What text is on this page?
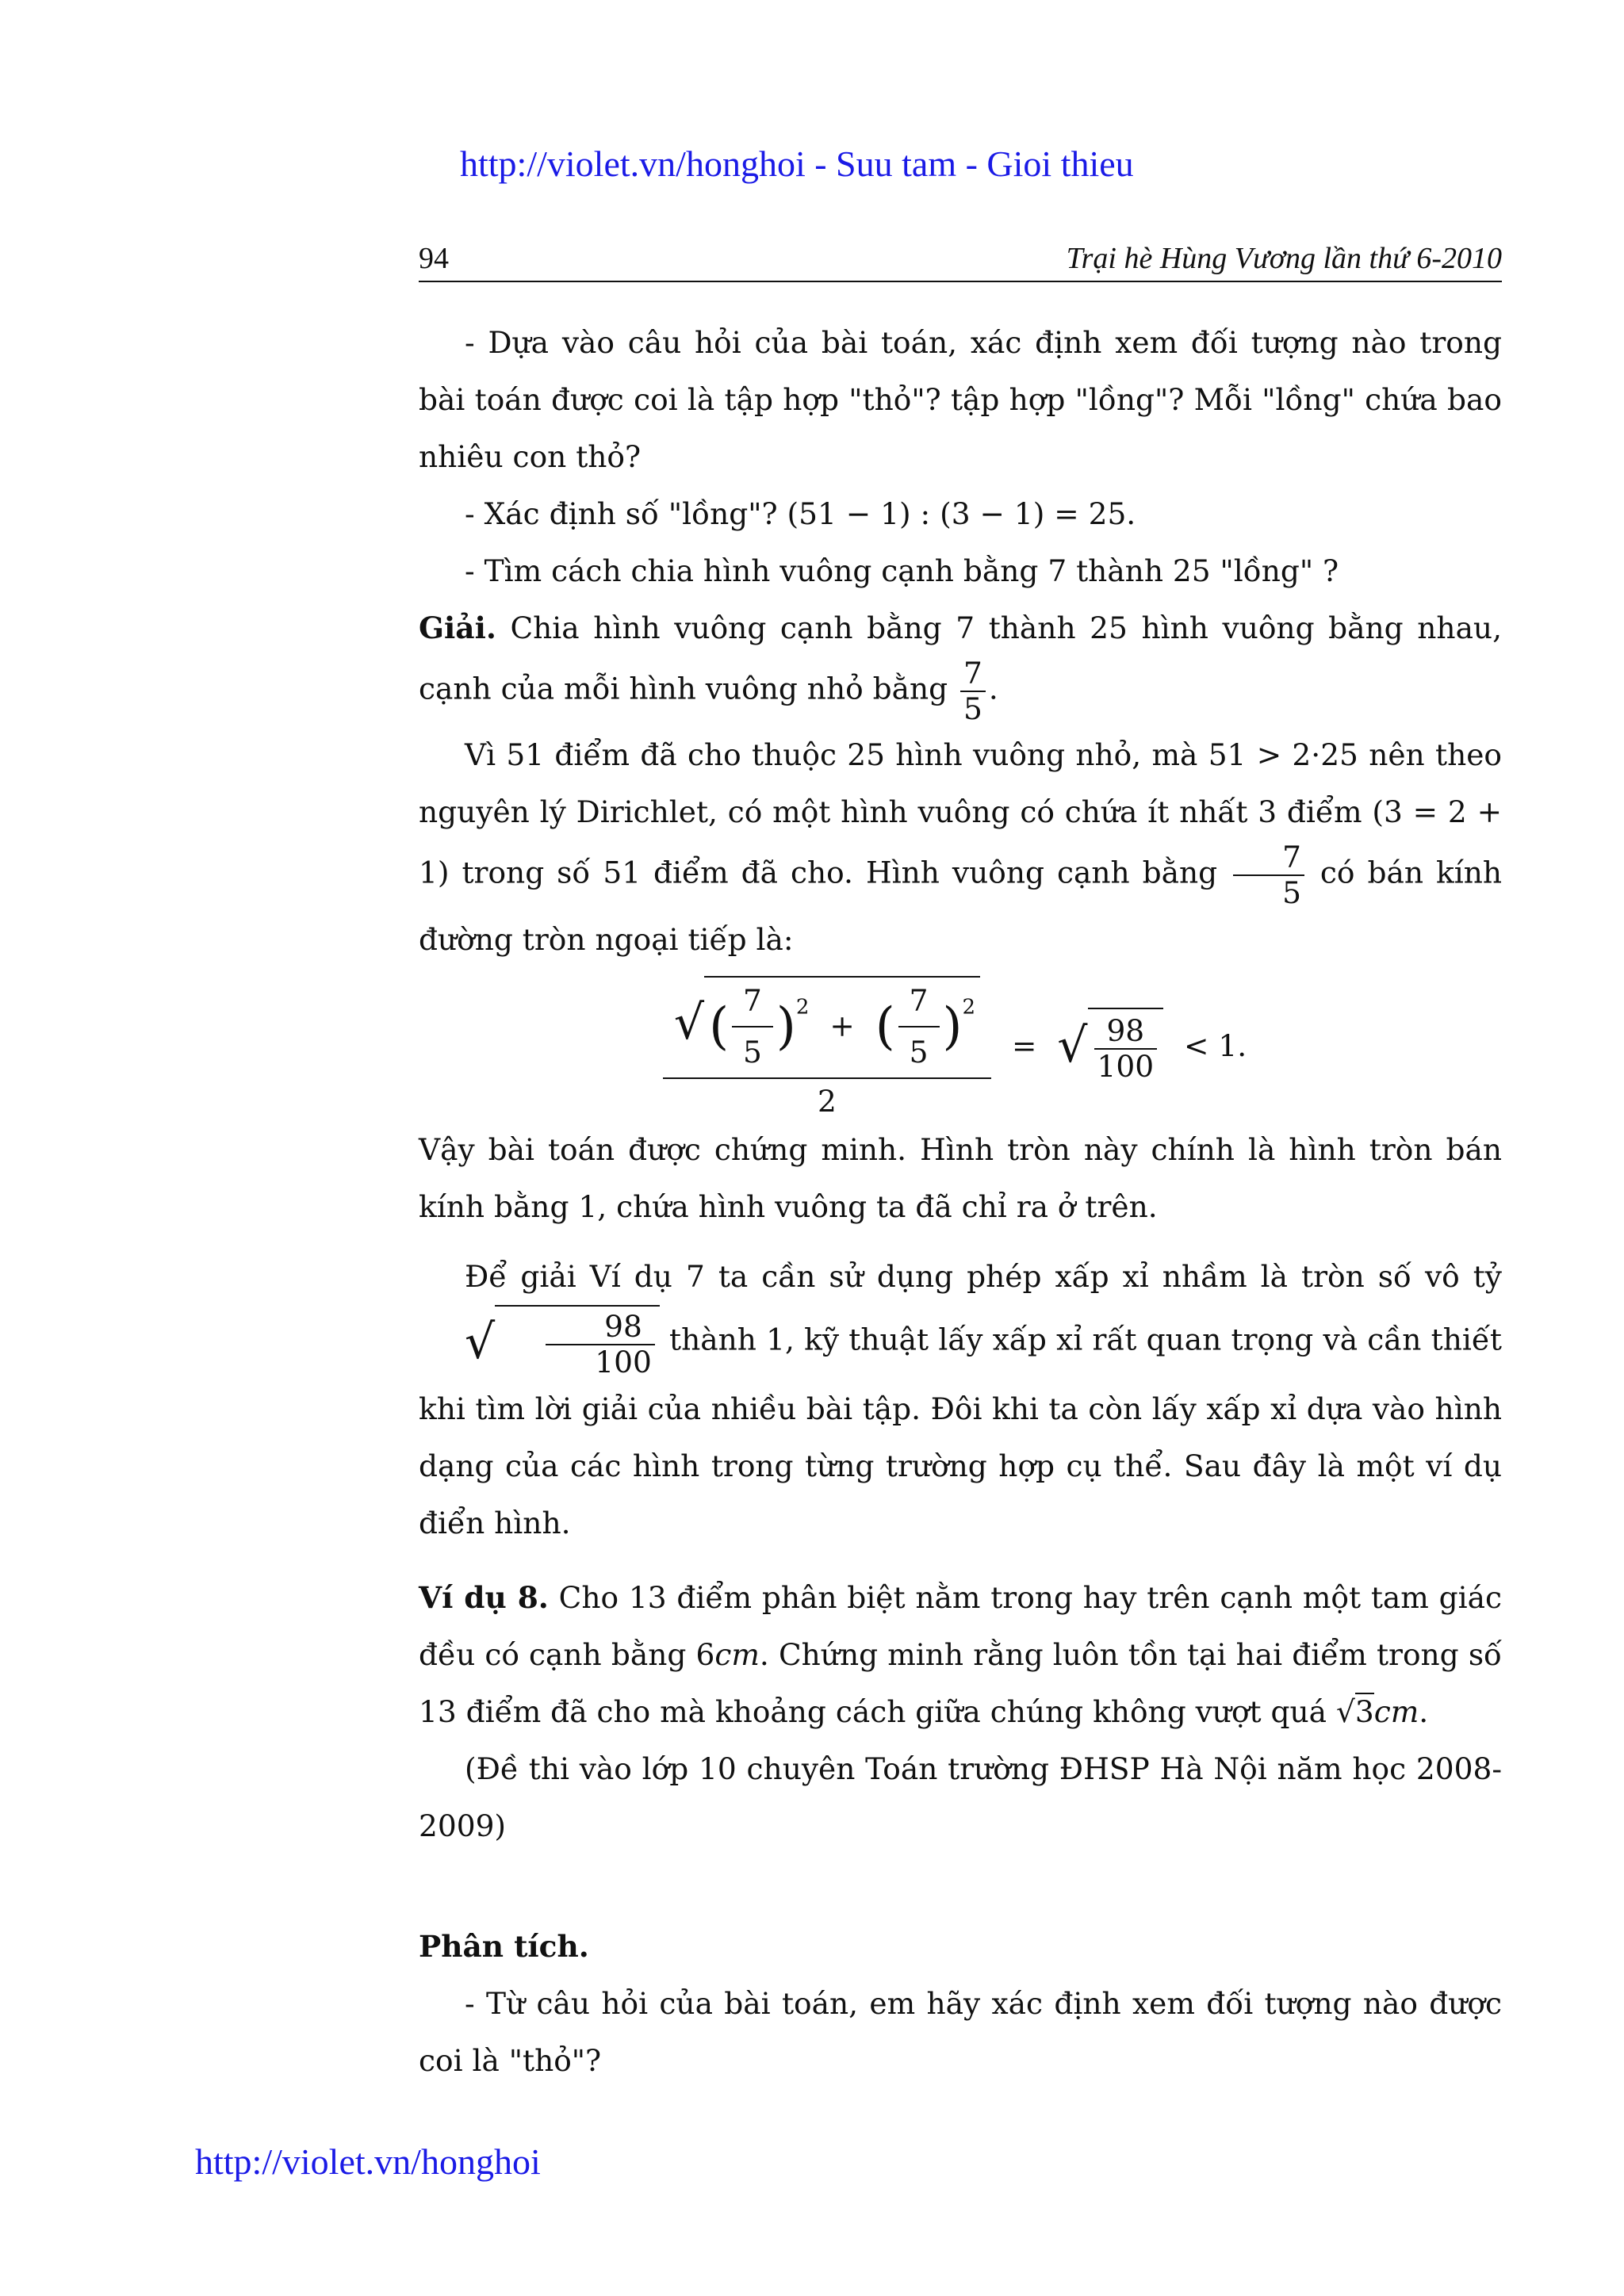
http://violet.vn/honghoi - Suu tam - Gioi thieu
94	Trại hè Hùng Vương lần thứ 6-2010

- Dựa vào câu hỏi của bài toán, xác định xem đối tượng nào trong bài toán được coi là tập hợp "thỏ"? tập hợp "lồng"? Mỗi "lồng" chứa bao nhiêu con thỏ?

- Xác định số "lồng"? (51 − 1) : (3 − 1) = 25.

- Tìm cách chia hình vuông cạnh bằng 7 thành 25 "lồng" ?

Giải. Chia hình vuông cạnh bằng 7 thành 25 hình vuông bằng nhau, cạnh của mỗi hình vuông nhỏ bằng $\frac{7}{5}$ .

Vì 51 điểm đã cho thuộc 25 hình vuông nhỏ, mà 51 > 2·25 nên theo nguyên lý Dirichlet, có một hình vuông có chứa ít nhất 3 điểm (3 = 2 + 1) trong số 51 điểm đã cho. Hình vuông cạnh bằng $\frac{7}{5}$ có bán kính đường tròn ngoại tiếp là:

$\frac{√( \frac{7}{5} )^2 + ( \frac{7}{5} )^2}{2}$ = √ $\frac{98}{100} < 1$.

Vậy bài toán được chứng minh. Hình tròn này chính là hình tròn bán kính bằng 1, chứa hình vuông ta đã chỉ ra ở trên.

Để giải Ví dụ 7 ta cần sử dụng phép xấp xỉ nhầm là tròn số vô tỷ √ $\frac{98}{100}$ thành 1, kỹ thuật lấy xấp xỉ rất quan trọng và cần thiết khi tìm lời giải của nhiều bài tập. Đôi khi ta còn lấy xấp xỉ dựa vào hình dạng của các hình trong từng trường hợp cụ thể. Sau đây là một ví dụ điển hình.

Ví dụ 8. Cho 13 điểm phân biệt nằm trong hay trên cạnh một tam giác đều có cạnh bằng 6cm. Chứng minh rằng luôn tồn tại hai điểm trong số 13 điểm đã cho mà khoảng cách giữa chúng không vượt quá √3cm.

(Đề thi vào lớp 10 chuyên Toán trường ĐHSP Hà Nội năm học 2008-2009)

Phân tích.

- Từ câu hỏi của bài toán, em hãy xác định xem đối tượng nào được coi là "thỏ"?

http://violet.vn/honghoi
